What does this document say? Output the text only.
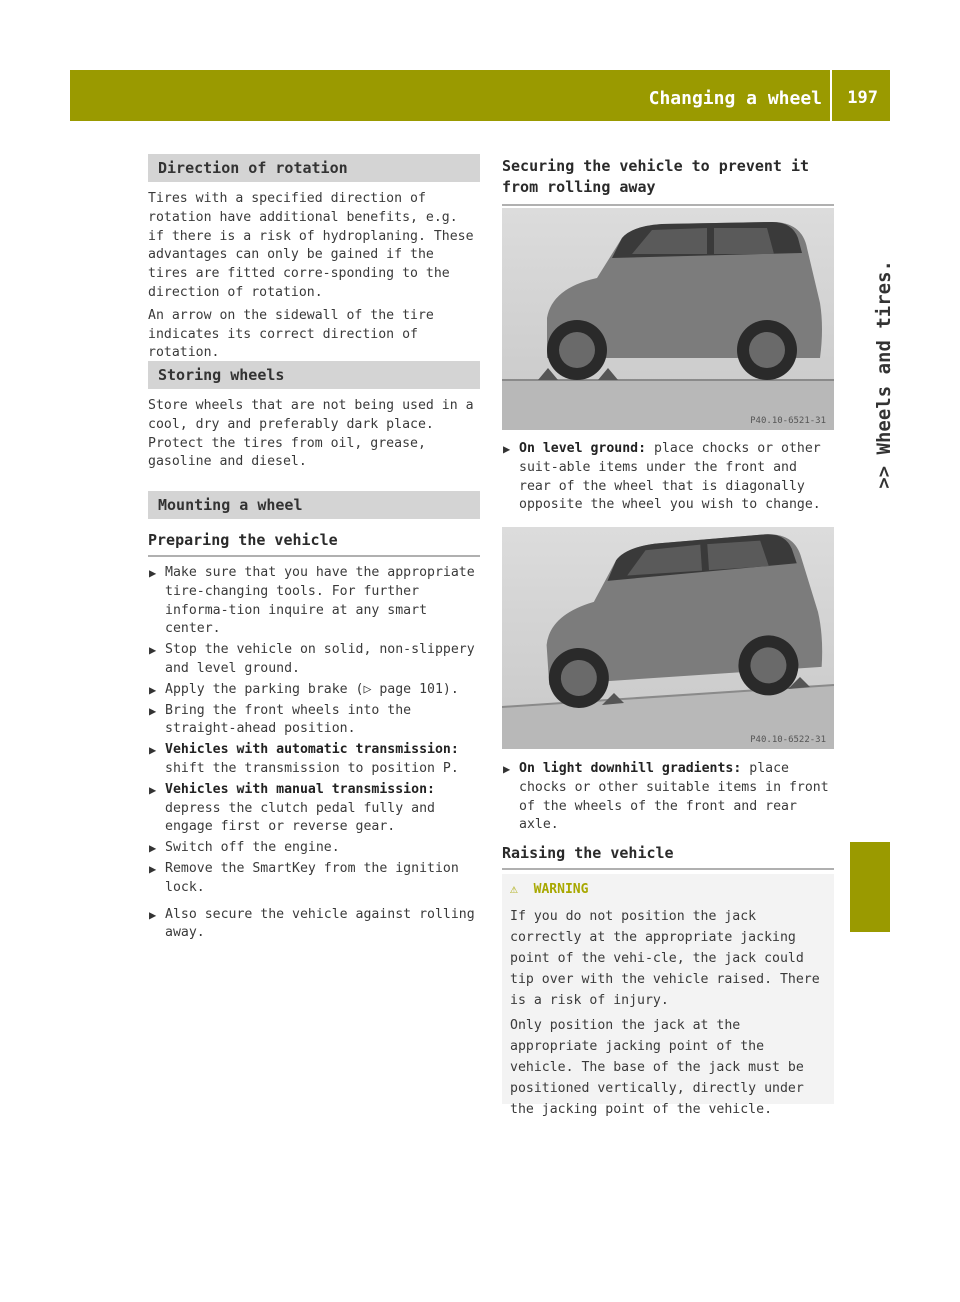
Changing a wheel 197
>> Wheels and tires.
Direction of rotation

Tires with a specified direction of rotation have additional benefits, e.g. if there is a risk of hydroplaning. These advantages can only be gained if the tires are fitted corre-sponding to the direction of rotation.

An arrow on the sidewall of the tire indicates its correct direction of rotation.

Storing wheels

Store wheels that are not being used in a cool, dry and preferably dark place. Protect the tires from oil, grease, gasoline and diesel.

Mounting a wheel
Preparing the vehicle
▶ Make sure that you have the appropriate tire-changing tools. For further informa-tion inquire at any smart center.
▶ Stop the vehicle on solid, non-slippery and level ground.
▶ Apply the parking brake (▷ page 101).
▶ Bring the front wheels into the straight-ahead position.
▶ Vehicles with automatic transmission:
shift the transmission to position P.
▶ Vehicles with manual transmission:
depress the clutch pedal fully and engage first or reverse gear.
▶ Switch off the engine.
▶ Remove the SmartKey from the ignition lock.
▶ Also secure the vehicle against rolling away.
Securing the vehicle to prevent it from rolling away
P40.10-6521-31
▶ On level ground: place chocks or other suit-able items under the front and rear of the wheel that is diagonally opposite the wheel you wish to change.
P40.10-6522-31
▶ On light downhill gradients: place chocks or other suitable items in front of the wheels of the front and rear axle.
Raising the vehicle
⚠ WARNING

If you do not position the jack correctly at the appropriate jacking point of the vehi-cle, the jack could tip over with the vehicle raised. There is a risk of injury.

Only position the jack at the appropriate jacking point of the vehicle. The base of the jack must be positioned vertically, directly under the jacking point of the vehicle.
